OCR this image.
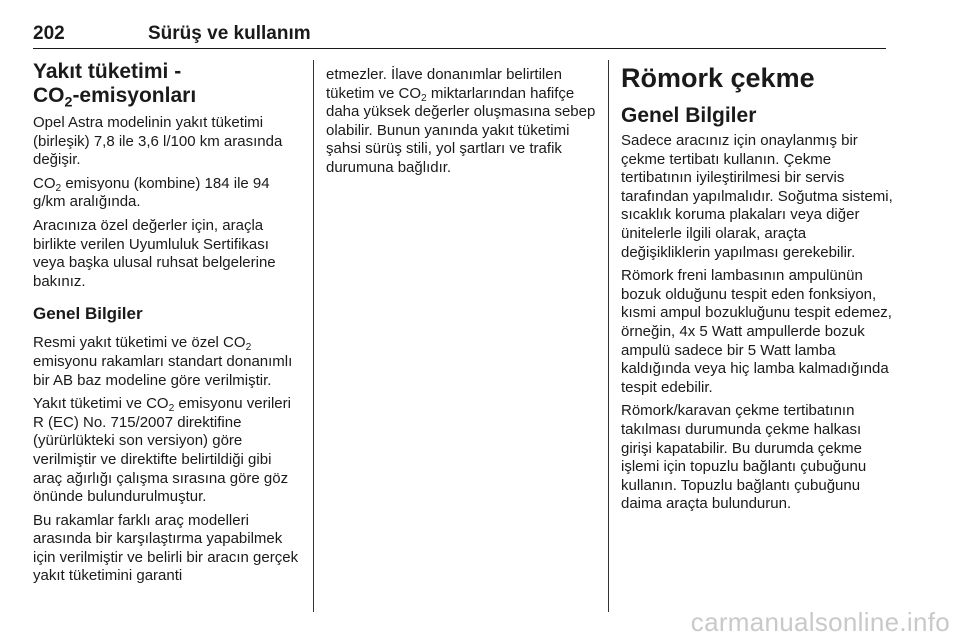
202	Sürüş ve kullanım
Yakıt tüketimi -
$CO_2$-emisyonları

Opel Astra modelinin yakıt tüketimi (birleşik) 7,8 ile 3,6 l/100 km arasında değişir.

$CO_2$ emisyonu (kombine) 184 ile 94 g/km aralığında.

Aracınıza özel değerler için, araçla birlikte verilen Uyumluluk Sertifikası veya başka ulusal ruhsat belgelerine bakınız.

Genel Bilgiler

Resmi yakıt tüketimi ve özel $CO_2$ emisyonu rakamları standart donanımlı bir AB baz modeline göre verilmiştir.

Yakıt tüketimi ve $CO_2$ emisyonu verileri R (EC) No. 715/2007 direktifine (yürürlükteki son versiyon) göre verilmiştir ve direktifte belirtildiği gibi araç ağırlığı çalışma sırasına göre göz önünde bulundurulmuştur.

Bu rakamlar farklı araç modelleri arasında bir karşılaştırma yapabilmek için verilmiştir ve belirli bir aracın gerçek yakıt tüketimini garanti

etmezler. İlave donanımlar belirtilen tüketim ve $CO_2$ miktarlarından hafifçe daha yüksek değerler oluşmasına sebep olabilir. Bunun yanında yakıt tüketimi şahsi sürüş stili, yol şartları ve trafik durumuna bağlıdır.

Römork çekme
Genel Bilgiler

Sadece aracınız için onaylanmış bir çekme tertibatı kullanın. Çekme tertibatının iyileştirilmesi bir servis tarafından yapılmalıdır. Soğutma sistemi, sıcaklık koruma plakaları veya diğer ünitelerle ilgili olarak, araçta değişikliklerin yapılması gerekebilir.

Römork freni lambasının ampulünün bozuk olduğunu tespit eden fonksiyon, kısmi ampul bozukluğunu tespit edemez, örneğin, 4x 5 Watt ampullerde bozuk ampulü sadece bir 5 Watt lamba kaldığında veya hiç lamba kalmadığında tespit edebilir.

Römork/karavan çekme tertibatının takılması durumunda çekme halkası girişi kapatabilir. Bu durumda çekme işlemi için topuzlu bağlantı çubuğunu kullanın. Topuzlu bağlantı çubuğunu daima araçta bulundurun.

carmanualsonline.info
